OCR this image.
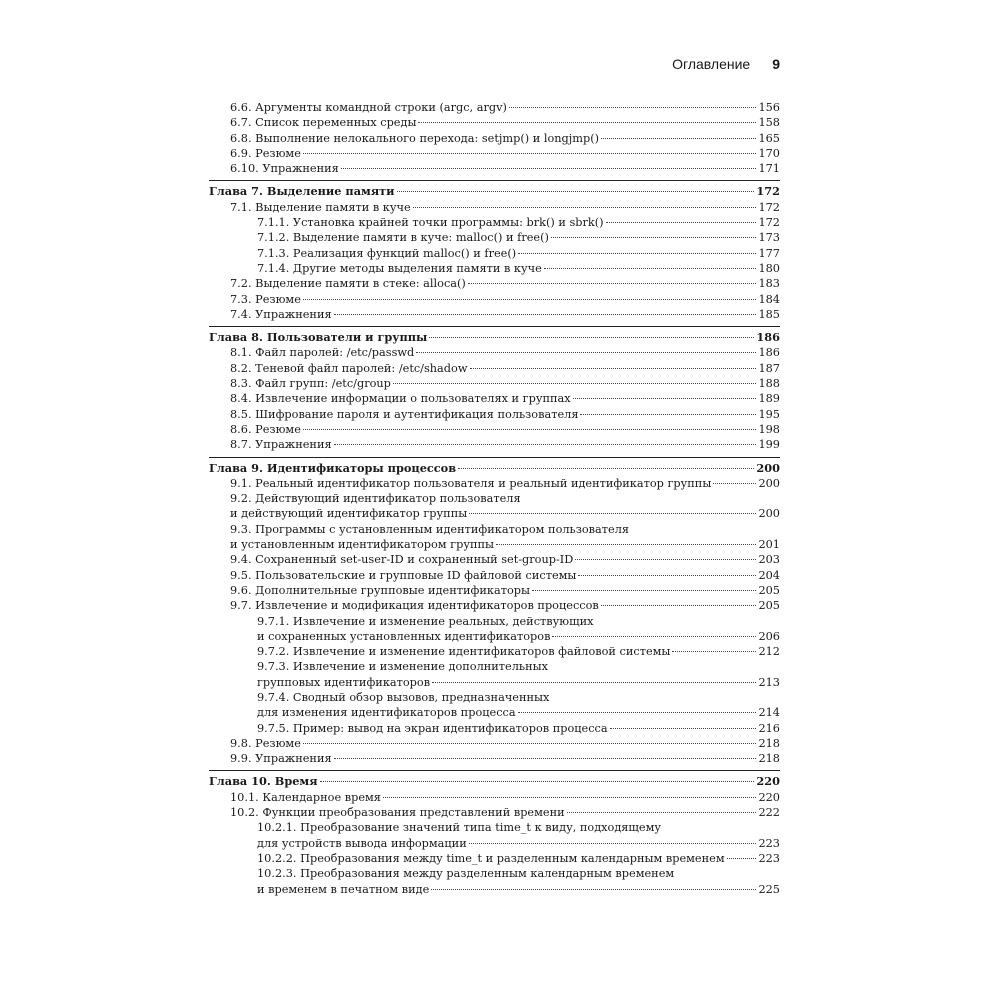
Оглавление 9
6.6. Аргументы командной строки (argc, argv)	156
6.7. Список переменных среды	158
6.8. Выполнение нелокального перехода: setjmp() и longjmp()	165
6.9. Резюме	170
6.10. Упражнения	171
Глава 7. Выделение памяти	172
7.1. Выделение памяти в куче	172
7.1.1. Установка крайней точки программы: brk() и sbrk()	172
7.1.2. Выделение памяти в куче: malloc() и free()	173
7.1.3. Реализация функций malloc() и free()	177
7.1.4. Другие методы выделения памяти в куче	180
7.2. Выделение памяти в стеке: alloca()	183
7.3. Резюме	184
7.4. Упражнения	185
Глава 8. Пользователи и группы	186
8.1. Файл паролей: /etc/passwd	186
8.2. Теневой файл паролей: /etc/shadow	187
8.3. Файл групп: /etc/group	188
8.4. Извлечение информации о пользователях и группах	189
8.5. Шифрование пароля и аутентификация пользователя	195
8.6. Резюме	198
8.7. Упражнения	199
Глава 9. Идентификаторы процессов	200
9.1. Реальный идентификатор пользователя и реальный идентификатор группы	200
9.2. Действующий идентификатор пользователя
и действующий идентификатор группы	200
9.3. Программы с установленным идентификатором пользователя
и установленным идентификатором группы	201
9.4. Сохраненный set-user-ID и сохраненный set-group-ID	203
9.5. Пользовательские и групповые ID файловой системы	204
9.6. Дополнительные групповые идентификаторы	205
9.7. Извлечение и модификация идентификаторов процессов	205
9.7.1. Извлечение и изменение реальных, действующих
и сохраненных установленных идентификаторов	206
9.7.2. Извлечение и изменение идентификаторов файловой системы	212
9.7.3. Извлечение и изменение дополнительных
групповых идентификаторов	213
9.7.4. Сводный обзор вызовов, предназначенных
для изменения идентификаторов процесса	214
9.7.5. Пример: вывод на экран идентификаторов процесса	216
9.8. Резюме	218
9.9. Упражнения	218
Глава 10. Время	220
10.1. Календарное время	220
10.2. Функции преобразования представлений времени	222
10.2.1. Преобразование значений типа time_t к виду, подходящему
для устройств вывода информации	223
10.2.2. Преобразования между time_t и разделенным календарным временем	223
10.2.3. Преобразования между разделенным календарным временем
и временем в печатном виде	225
